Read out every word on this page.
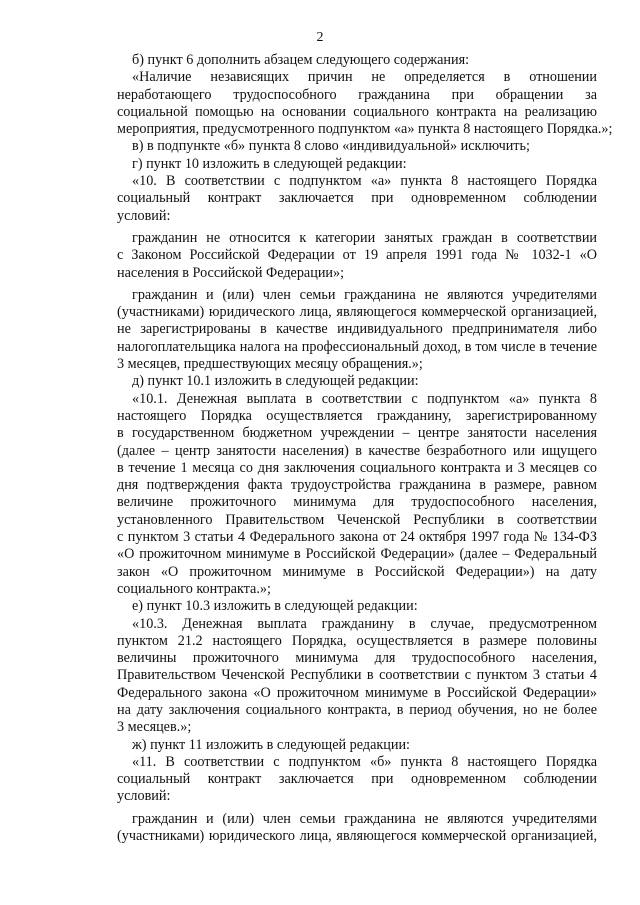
2
б) пункт 6 дополнить абзацем следующего содержания:
«Наличие независящих причин не определяется в отношении
неработающего трудоспособного гражданина при обращении за
социальной помощью на основании социального контракта на реализацию
мероприятия, предусмотренного подпунктом «а» пункта 8 настоящего Порядка.»;
в) в подпункте «б» пункта 8 слово «индивидуальной» исключить;
г) пункт 10 изложить в следующей редакции:
«10. В соответствии с подпунктом «а» пункта 8 настоящего Порядка
социальный контракт заключается при одновременном соблюдении
условий:
гражданин не относится к категории занятых граждан в соответствии
с Законом Российской Федерации от 19 апреля 1991 года № 1032-1 «О
населения в Российской Федерации»;
гражданин и (или) член семьи гражданина не являются учредителями
(участниками) юридического лица, являющегося коммерческой организацией,
не зарегистрированы в качестве индивидуального предпринимателя либо
налогоплательщика налога на профессиональный доход, в том числе в течение
3 месяцев, предшествующих месяцу обращения.»;
д) пункт 10.1 изложить в следующей редакции:
«10.1. Денежная выплата в соответствии с подпунктом «а» пункта 8
настоящего Порядка осуществляется гражданину, зарегистрированному
в государственном бюджетном учреждении – центре занятости населения
(далее – центр занятости населения) в качестве безработного или ищущего
в течение 1 месяца со дня заключения социального контракта и 3 месяцев со
дня подтверждения факта трудоустройства гражданина в размере, равном
величине прожиточного минимума для трудоспособного населения,
установленного Правительством Чеченской Республики в соответствии
с пунктом 3 статьи 4 Федерального закона от 24 октября 1997 года № 134-ФЗ
«О прожиточном минимуме в Российской Федерации» (далее – Федеральный
закон «О прожиточном минимуме в Российской Федерации») на дату
социального контракта.»;
е) пункт 10.3 изложить в следующей редакции:
«10.3. Денежная выплата гражданину в случае, предусмотренном
пунктом 21.2 настоящего Порядка, осуществляется в размере половины
величины прожиточного минимума для трудоспособного населения,
Правительством Чеченской Республики в соответствии с пунктом 3 статьи 4
Федерального закона «О прожиточном минимуме в Российской Федерации»
на дату заключения социального контракта, в период обучения, но не более
3 месяцев.»;
ж) пункт 11 изложить в следующей редакции:
«11. В соответствии с подпунктом «б» пункта 8 настоящего Порядка
социальный контракт заключается при одновременном соблюдении
условий:
гражданин и (или) член семьи гражданина не являются учредителями
(участниками) юридического лица, являющегося коммерческой организацией,
